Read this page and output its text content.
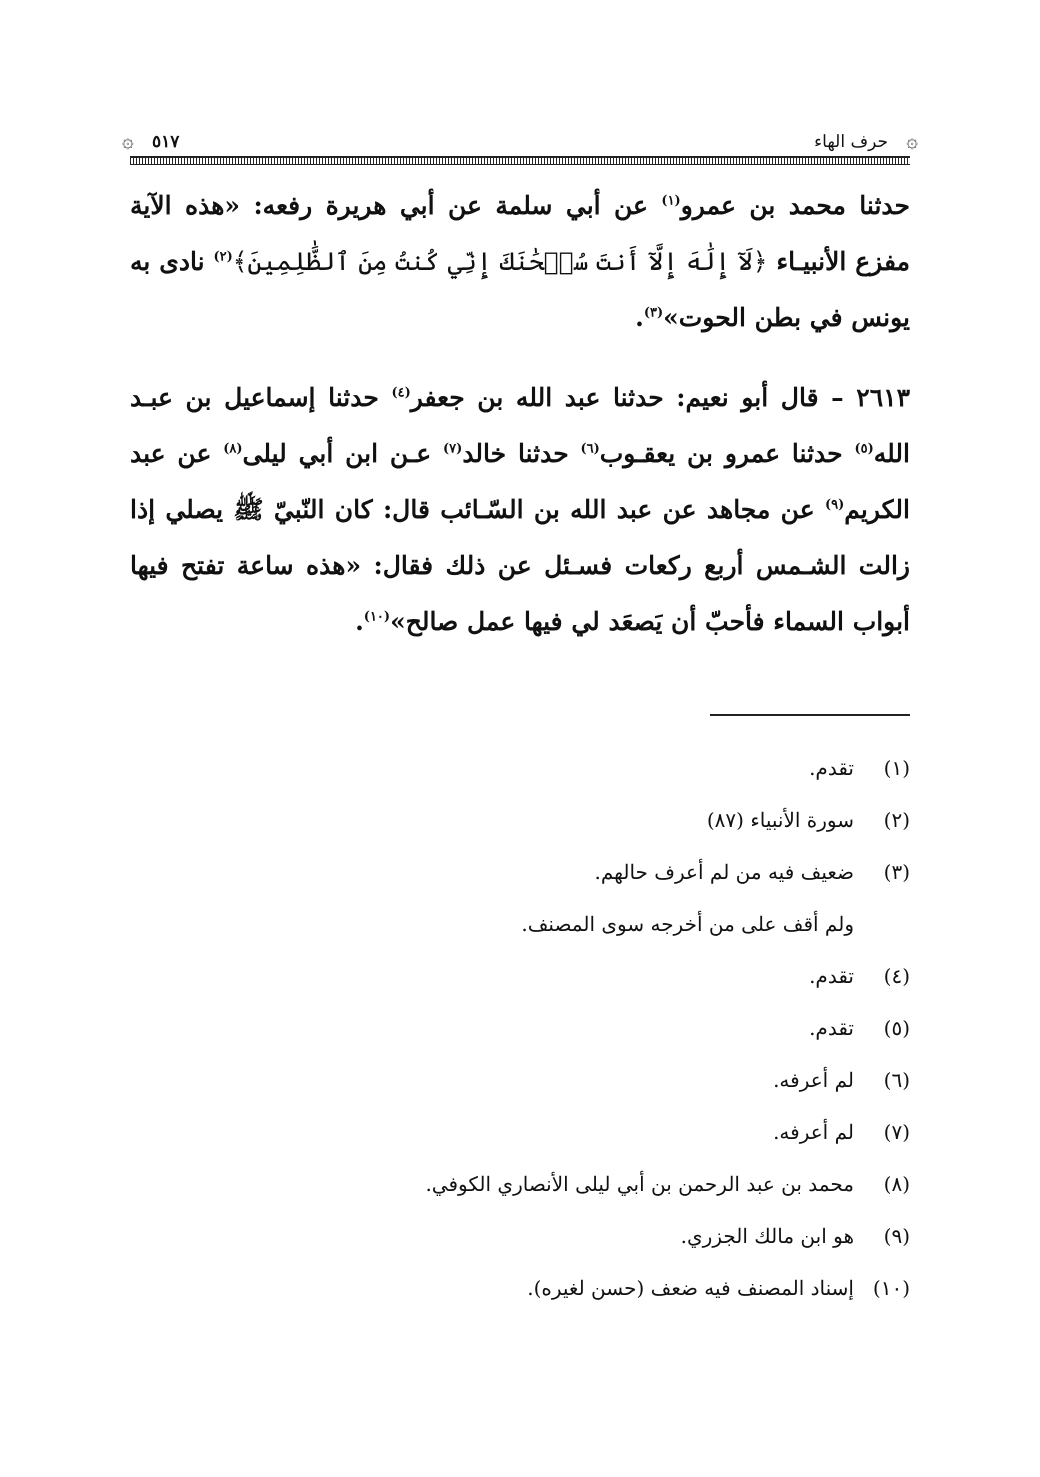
۞
حرف الهاء
٥١٧
۞

حدثنا محمد بن عمرو$^{(١)}$ عن أبي سلمة عن أبي هريرة رفعه: «هذه الآية مفزع الأنبيـاء ﴿لَآ إِلَٰهَ إِلَّآ أَنتَ سُبۡحَٰنَكَ إِنِّي كُنتُ مِنَ ٱلظَّٰلِمِينَ﴾$^{(٢)}$ نادى به يونس في بطن الحوت»$^{(٣)}$.

٢٦١٣ – قال أبو نعيم: حدثنا عبد الله بن جعفر$^{(٤)}$ حدثنا إسماعيل بن عبـد الله$^{(٥)}$ حدثنا عمرو بن يعقـوب$^{(٦)}$ حدثنا خالد$^{(٧)}$ عـن ابن أبي ليلى$^{(٨)}$ عن عبد الكريم$^{(٩)}$ عن مجاهد عن عبد الله بن السّـائب قال: كان النّبيّ ﷺ يصلي إذا زالت الشـمس أربع ركعات فسـئل عن ذلك فقال: «هذه ساعة تفتح فيها أبواب السماء فأحبّ أن يَصعَد لي فيها عمل صالح»$^{(١٠)}$.

(١)تقدم.
(٢)سورة الأنبياء (٨٧)
(٣)ضعيف فيه من لم أعرف حالهم.
ولم أقف على من أخرجه سوى المصنف.
(٤)تقدم.
(٥)تقدم.
(٦)لم أعرفه.
(٧)لم أعرفه.
(٨)محمد بن عبد الرحمن بن أبي ليلى الأنصاري الكوفي.
(٩)هو ابن مالك الجزري.
(١٠)إسناد المصنف فيه ضعف (حسن لغيره).
